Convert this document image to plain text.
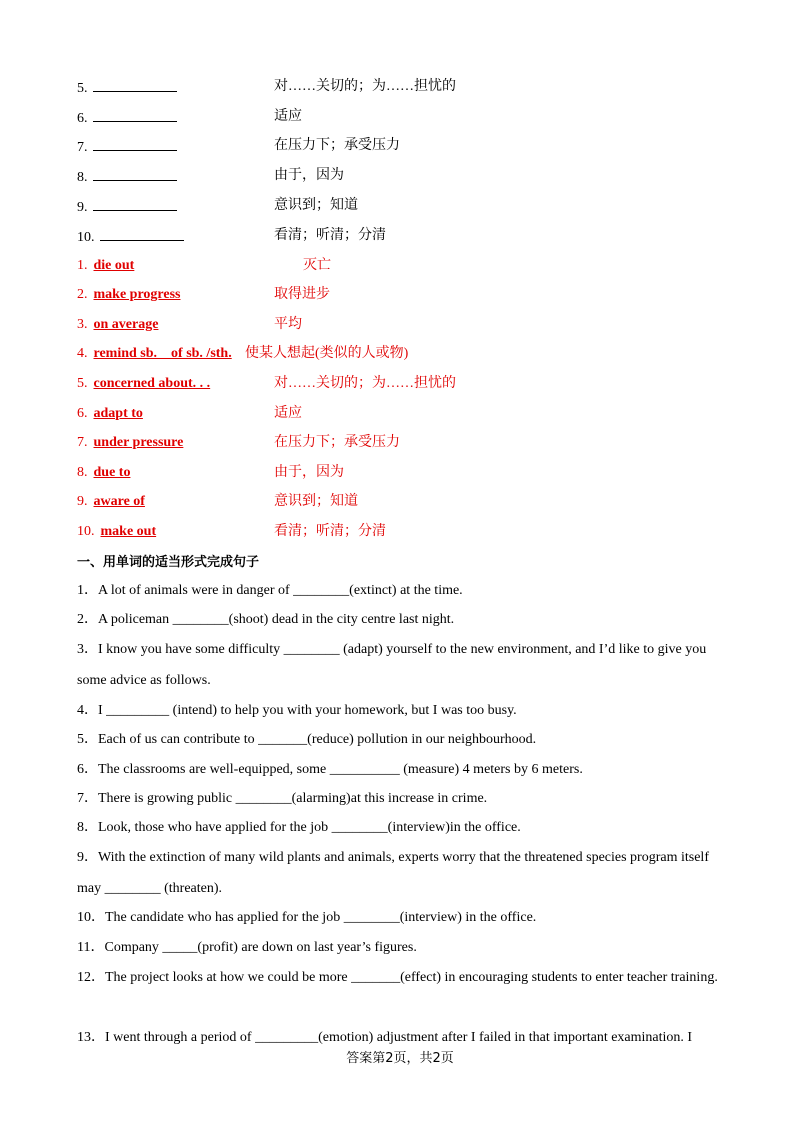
5.	对……关切的；为……担忧的
6.	适应
7.	在压力下；承受压力
8.	由于，因为
9.	意识到；知道
10.	看清；听清；分清
1. die out	灭亡
2. make progress	取得进步
3. on average	平均
4. remind sb.    of sb. /sth. 使某人想起(类似的人或物)
5. concerned about. . .	对……关切的；为……担忧的
6. adapt to	适应
7. under pressure	在压力下；承受压力
8. due to	由于，因为
9. aware of	意识到；知道
10. make out	看清；听清；分清
一、用单词的适当形式完成句子
1．A lot of animals were in danger of ________(extinct) at the time.
2．A policeman ________(shoot) dead in the city centre last night.
3．I know you have some difficulty ________ (adapt) yourself to the new environment, and I’d like to give you some advice as follows.
4．I _________ (intend) to help you with your homework, but I was too busy.
5．Each of us can contribute to _______(reduce) pollution in our neighbourhood.
6．The classrooms are well-equipped, some __________ (measure) 4 meters by 6 meters.
7．There is growing public ________(alarming)at this increase in crime.
8．Look, those who have applied for the job ________(interview)in the office.
9．With the extinction of many wild plants and animals, experts worry that the threatened species program itself may ________ (threaten).
10．The candidate who has applied for the job ________(interview) in the office.
11．Company _____(profit) are down on last year’s figures.
12．The project looks at how we could be more _______(effect) in encouraging students to enter teacher training.
13．I went through a period of _________(emotion) adjustment after I failed in that important examination. I
答案第2页，共2页
